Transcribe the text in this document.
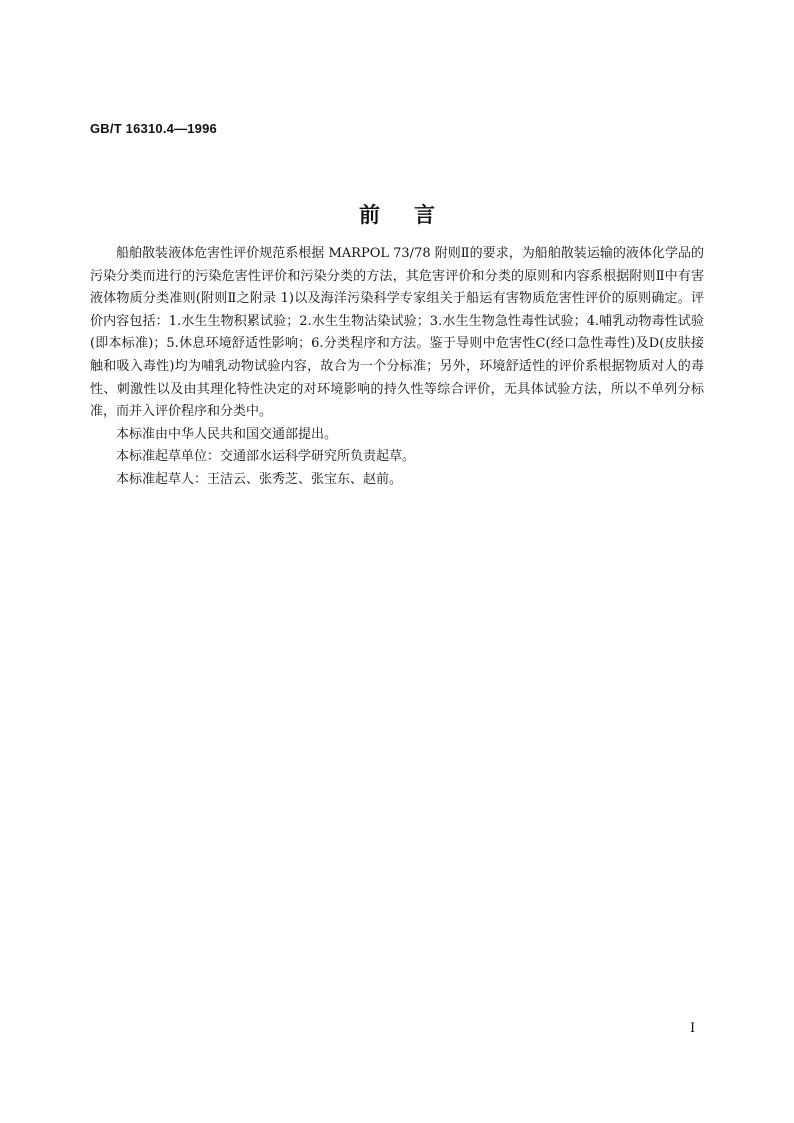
GB/T 16310.4—1996
前言

船舶散装液体危害性评价规范系根据 MARPOL 73/78 附则Ⅱ的要求，为船舶散装运输的液体化学品的污染分类而进行的污染危害性评价和污染分类的方法，其危害评价和分类的原则和内容系根据附则Ⅱ中有害液体物质分类准则(附则Ⅱ之附录 1)以及海洋污染科学专家组关于船运有害物质危害性评价的原则确定。评价内容包括：1.水生生物积累试验；2.水生生物沾染试验；3.水生生物急性毒性试验；4.哺乳动物毒性试验(即本标准)；5.休息环境舒适性影响；6.分类程序和方法。鉴于导则中危害性C(经口急性毒性)及D(皮肤接触和吸入毒性)均为哺乳动物试验内容，故合为一个分标准；另外，环境舒适性的评价系根据物质对人的毒性、刺激性以及由其理化特性决定的对环境影响的持久性等综合评价，无具体试验方法，所以不单列分标准，而并入评价程序和分类中。

本标准由中华人民共和国交通部提出。

本标准起草单位：交通部水运科学研究所负责起草。

本标准起草人：王洁云、张秀芝、张宝东、赵前。

I
